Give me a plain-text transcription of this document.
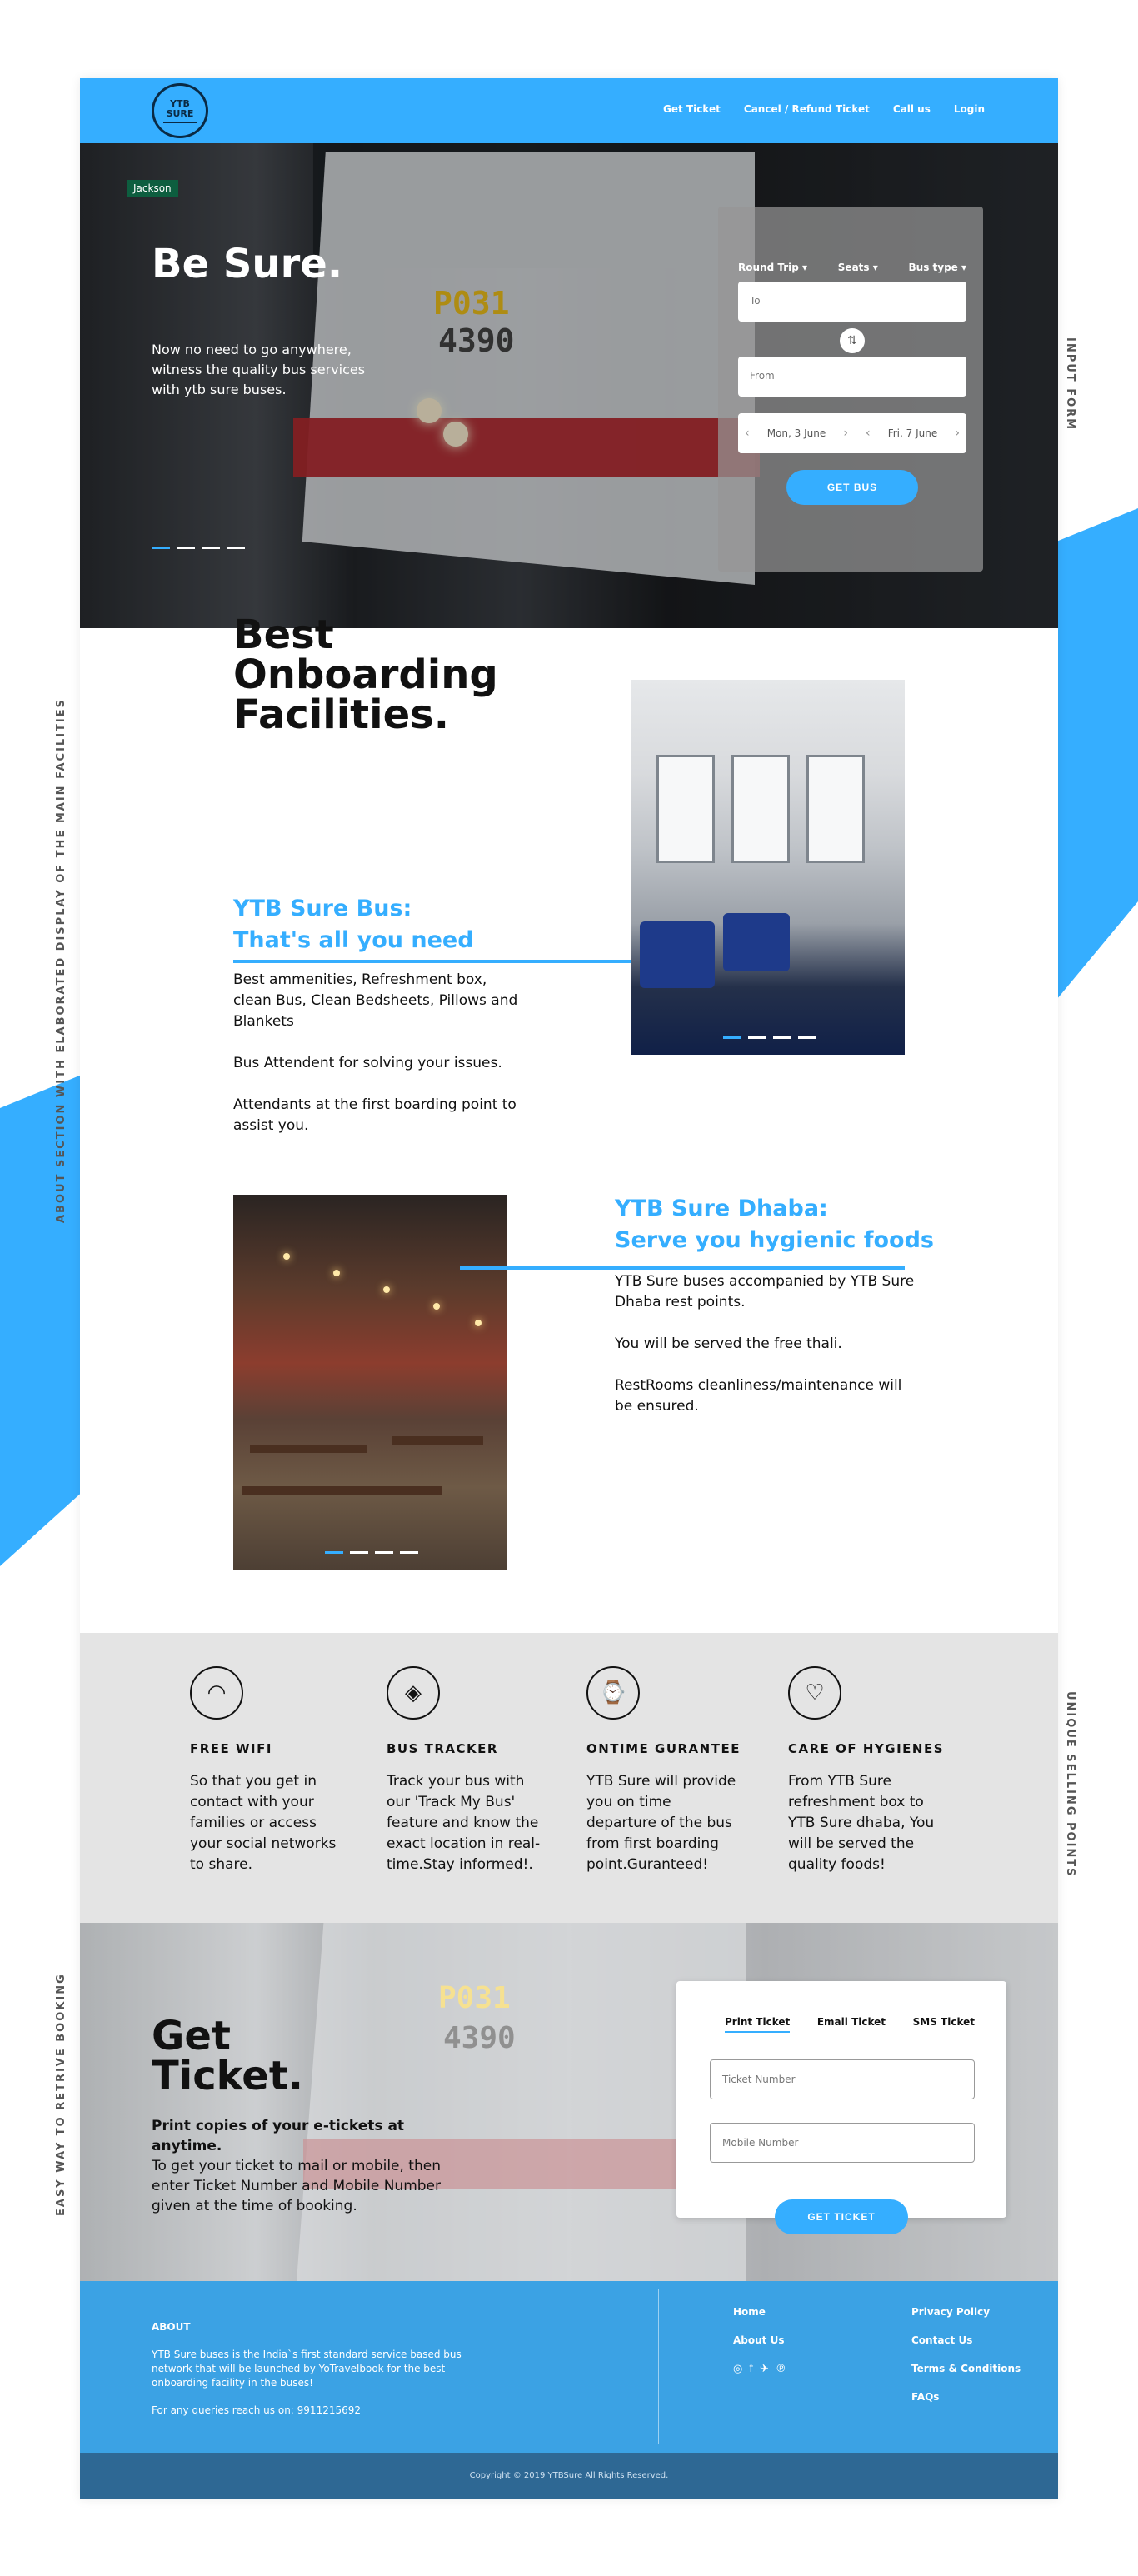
INPUT FORM
ABOUT SECTION WITH ELABORATED DISPLAY OF THE MAIN FACILITIES
UNIQUE SELLING POINTS
EASY WAY TO RETRIVE BOOKING
YTB
SURE	Get Ticket Cancel / Refund Ticket Call us Login
P031
4390
Jackson
Be Sure.

Now no need to go anywhere, witness the quality bus services with ytb sure buses.

Round Trip ▾	Seats ▾	Bus type ▾
To
⇅
From
‹ Mon, 3 June › ‹ Fri, 7 June ›
GET BUS
Best Onboarding Facilities.
YTB Sure Bus:
That's all you need

Best ammenities, Refreshment box, clean Bus, Clean Bedsheets, Pillows and Blankets

Bus Attendent for solving your issues.

Attendants at the first boarding point to assist you.

YTB Sure Dhaba:
Serve you hygienic foods

YTB Sure buses accompanied by YTB Sure Dhaba rest points.

You will be served the free thali.

RestRooms cleanliness/maintenance will be ensured.

◠
FREE WIFI
So that you get in contact with your families or access your social networks to share.
◈
BUS TRACKER
Track your bus with our 'Track My Bus' feature and know the exact location in real-time.Stay informed!.
⌚
ONTIME GURANTEE
YTB Sure will provide you on time departure of the bus from first boarding point.Guranteed!
♡
CARE OF HYGIENES
From YTB Sure refreshment box to YTB Sure dhaba, You will be served the quality foods!
P031
4390
Get Ticket.
Print copies of your e-tickets at anytime.
To get your ticket to mail or mobile, then enter Ticket Number and Mobile Number given at the time of booking.
Print Ticket	Email Ticket	SMS Ticket
Ticket Number
Mobile Number
GET TICKET
ABOUT
YTB Sure buses is the India`s first standard service based bus network that will be launched by YoTravelbook for the best onboarding facility in the buses!
For any queries reach us on: 9911215692
Home
About Us
◎ f ✈ ℗
Privacy Policy
Contact Us
Terms & Conditions
FAQs
Copyright © 2019 YTBSure All Rights Reserved.
